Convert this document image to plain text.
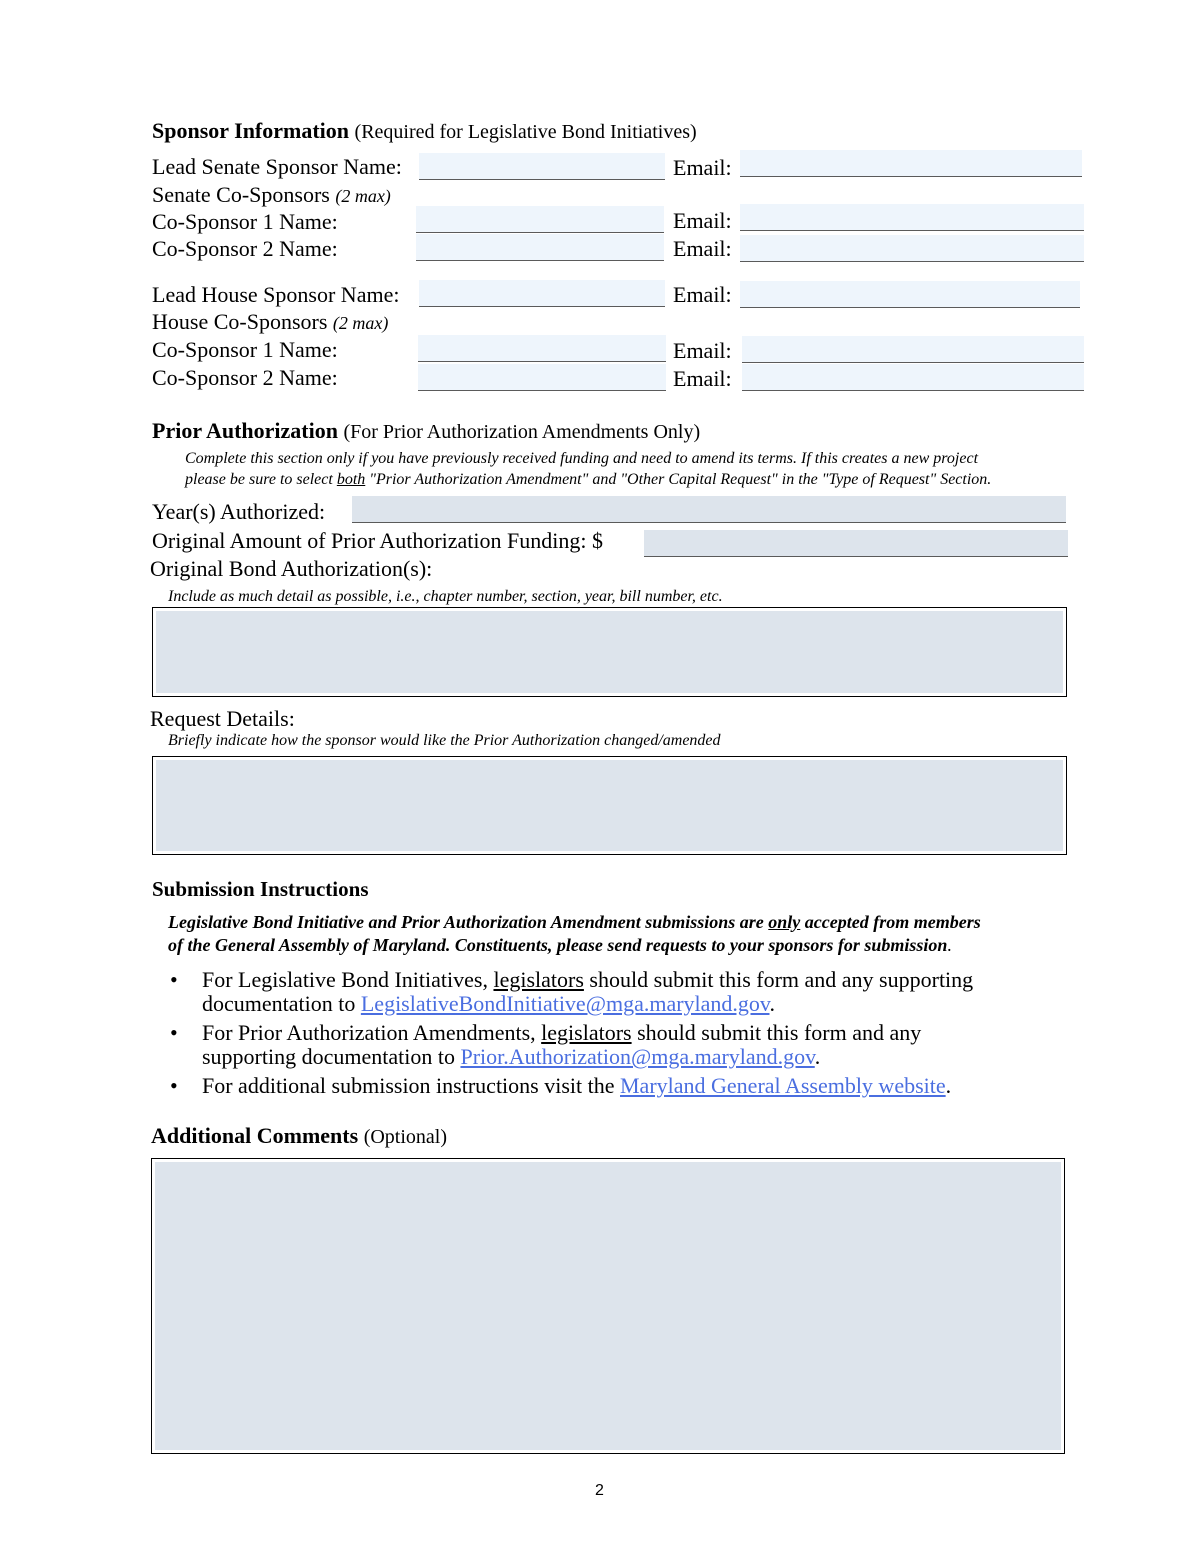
Sponsor Information (Required for Legislative Bond Initiatives)
Lead Senate Sponsor Name:	Email:
Senate Co-Sponsors (2 max)
Co-Sponsor 1 Name:	Email:
Co-Sponsor 2 Name:	Email:
Lead House Sponsor Name:	Email:
House Co-Sponsors (2 max)
Co-Sponsor 1 Name:	Email:
Co-Sponsor 2 Name:	Email:
Prior Authorization (For Prior Authorization Amendments Only)
Complete this section only if you have previously received funding and need to amend its terms. If this creates a new project
please be sure to select both "Prior Authorization Amendment" and "Other Capital Request" in the "Type of Request" Section.
Year(s) Authorized:
Original Amount of Prior Authorization Funding: $
Original Bond Authorization(s):
Include as much detail as possible, i.e., chapter number, section, year, bill number, etc.
Request Details:
Briefly indicate how the sponsor would like the Prior Authorization changed/amended
Submission Instructions
Legislative Bond Initiative and Prior Authorization Amendment submissions are only accepted from members
of the General Assembly of Maryland. Constituents, please send requests to your sponsors for submission.
• For Legislative Bond Initiatives, legislators should submit this form and any supporting
documentation to LegislativeBondInitiative@mga.maryland.gov.
• For Prior Authorization Amendments, legislators should submit this form and any
supporting documentation to Prior.Authorization@mga.maryland.gov.
• For additional submission instructions visit the Maryland General Assembly website.
Additional Comments (Optional)
2
